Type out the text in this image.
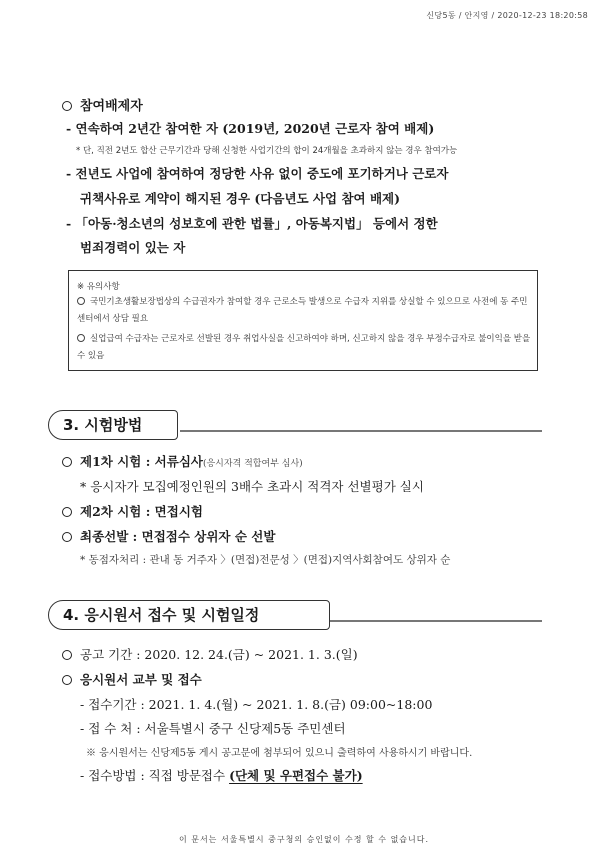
신당5동 / 안지영 / 2020-12-23 18:20:58
참여배제자
- 연속하여 2년간 참여한 자 (2019년, 2020년 근로자 참여 배제)
* 단, 직전 2년도 합산 근무기간과 당해 신청한 사업기간의 합이 24개월을 초과하지 않는 경우 참여가능
- 전년도 사업에 참여하여 정당한 사유 없이 중도에 포기하거나 근로자
귀책사유로 계약이 해지된 경우 (다음년도 사업 참여 배제)
- 「아동·청소년의 성보호에 관한 법률」, 아동복지법」 등에서 정한
범죄경력이 있는 자
※ 유의사항
국민기초생활보장법상의 수급권자가 참여할 경우 근로소득 발생으로 수급자 지위를 상실할 수 있으므로 사전에 동 주민센터에서 상담 필요
실업급여 수급자는 근로자로 선발된 경우 취업사실을 신고하여야 하며, 신고하지 않을 경우 부정수급자로 불이익을 받을 수 있음
3. 시험방법
제1차 시험 : 서류심사(응시자격 적합여부 심사)
* 응시자가 모집예정인원의 3배수 초과시 적격자 선별평가 실시
제2차 시험 : 면접시험
최종선발 : 면접점수 상위자 순 선발
* 동점자처리 : 관내 동 거주자 〉(면접)전문성 〉(면접)지역사회참여도 상위자 순
4. 응시원서 접수 및 시험일정
공고 기간 : 2020. 12. 24.(금) ~ 2021. 1. 3.(일)
응시원서 교부 및 접수
- 접수기간 : 2021. 1. 4.(월) ~ 2021. 1. 8.(금) 09:00~18:00
- 접 수 처 : 서울특별시 중구 신당제5동 주민센터
※ 응시원서는 신당제5동 게시 공고문에 첨부되어 있으니 출력하여 사용하시기 바랍니다.
- 접수방법 : 직접 방문접수 (단체 및 우편접수 불가)
이 문서는 서울특별시 중구청의 승인없이 수정 할 수 없습니다.
